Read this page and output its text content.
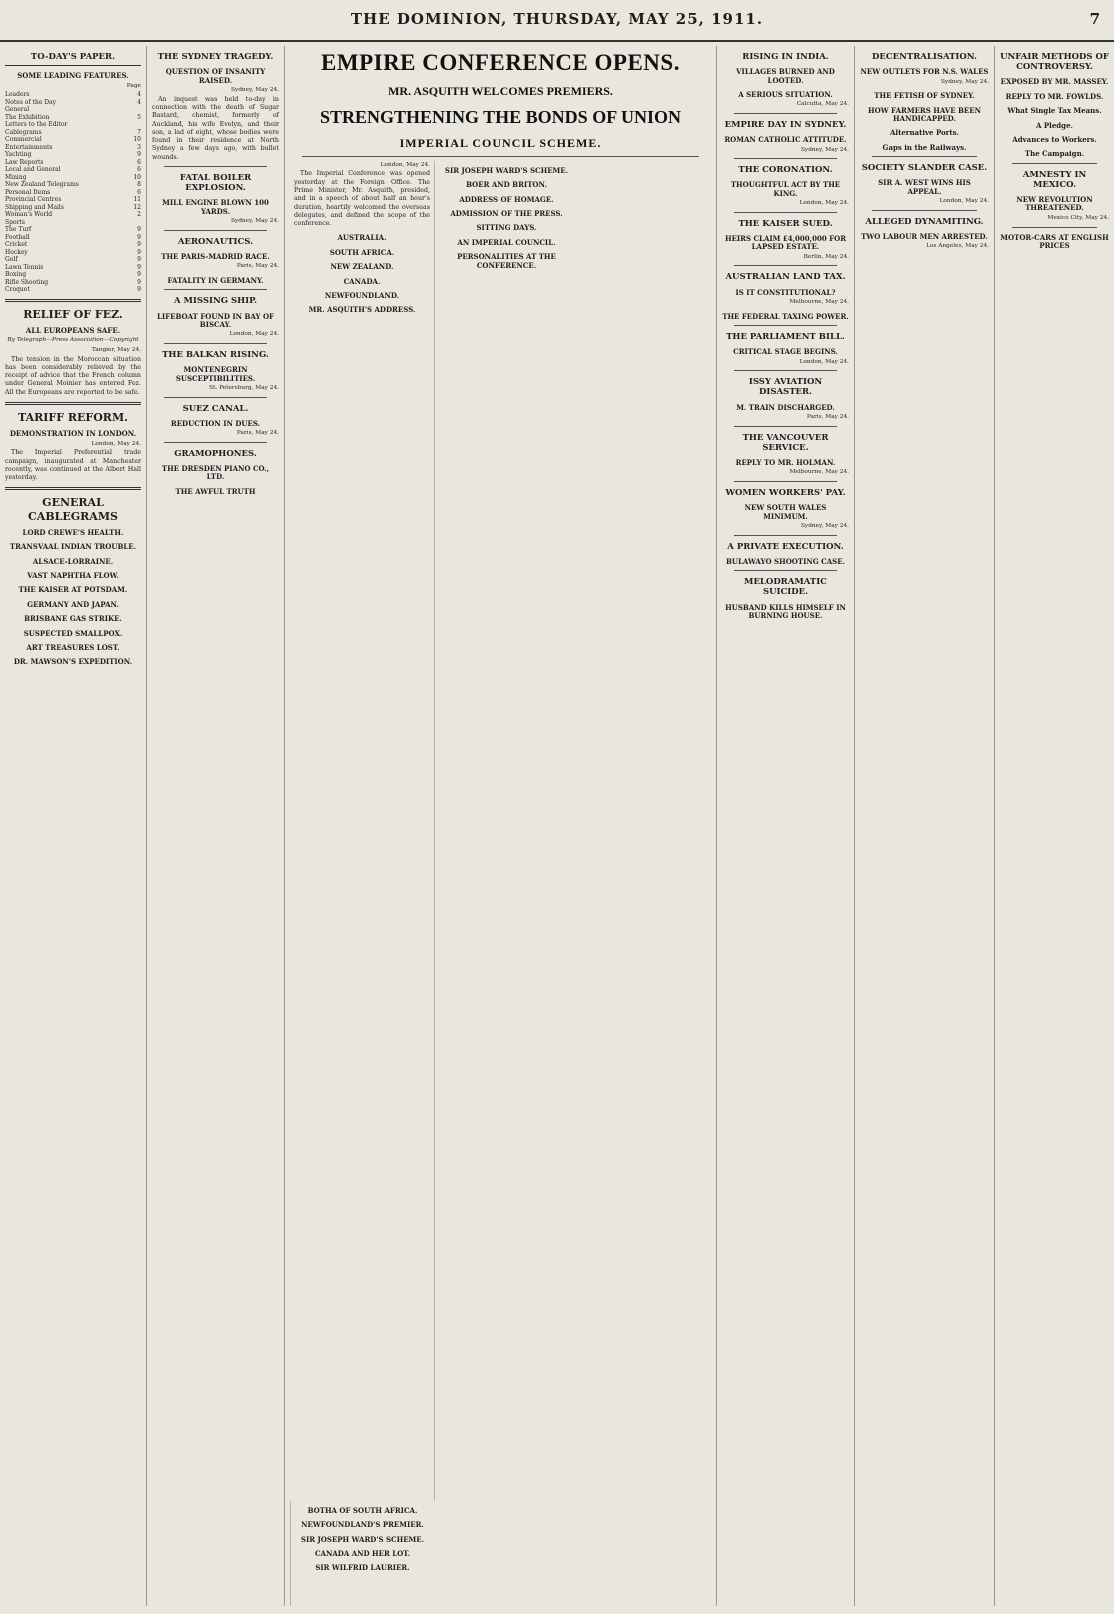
THE DOMINION, THURSDAY, MAY 25, 1911.	7
TO-DAY'S PAPER.
SOME LEADING FEATURES.
Page
Leaders	4
Notes of the Day	4
General
The Exhibition	5
Letters to the Editor
Cablegrams	7
Commercial	10
Entertainments	3
Yachting	9
Law Reports	6
Local and General	6
Mining	10
New Zealand Telegrams	8
Personal Items	6
Provincial Centres	11
Shipping and Mails	12
Woman's World	2
Sports
The Turf	9
Football	9
Cricket	9
Hockey	9
Golf	9
Lawn Tennis	9
Boxing	9
Rifle Shooting	9
Croquet	9
RELIEF OF FEZ.
ALL EUROPEANS SAFE.
By Telegraph—Press Association—Copyright
Tangier, May 24.

The tension in the Moroccan situation has been considerably relieved by the receipt of advice that the French column under General Moinier has entered Fez. All the Europeans are reported to be safe.

TARIFF REFORM.
DEMONSTRATION IN LONDON.
London, May 24.

The Imperial Preferential trade campaign, inaugurated at Manchester recently, was continued at the Albert Hall yesterday.

GENERAL CABLEGRAMS
LORD CREWE'S HEALTH.
TRANSVAAL INDIAN TROUBLE.
ALSACE-LORRAINE.
VAST NAPHTHA FLOW.
THE KAISER AT POTSDAM.
GERMANY AND JAPAN.
BRISBANE GAS STRIKE.
SUSPECTED SMALLPOX.
ART TREASURES LOST.
DR. MAWSON'S EXPEDITION.
THE SYDNEY TRAGEDY.
QUESTION OF INSANITY RAISED.
Sydney, May 24.

An inquest was held to-day in connection with the death of Sugar Bastard, chemist, formerly of Auckland, his wife Evelyn, and their son, a lad of eight, whose bodies were found in their residence at North Sydney a few days ago, with bullet wounds.

FATAL BOILER EXPLOSION.
MILL ENGINE BLOWN 100 YARDS.
Sydney, May 24.
AERONAUTICS.
THE PARIS-MADRID RACE.
Paris, May 24.
FATALITY IN GERMANY.
A MISSING SHIP.
LIFEBOAT FOUND IN BAY OF BISCAY.
London, May 24.
THE BALKAN RISING.
MONTENEGRIN SUSCEPTIBILITIES.
St. Petersburg, May 24.
SUEZ CANAL.
REDUCTION IN DUES.
Paris, May 24.
GRAMOPHONES.
THE DRESDEN PIANO CO., LTD.
THE AWFUL TRUTH
EMPIRE CONFERENCE OPENS.
MR. ASQUITH WELCOMES PREMIERS.
STRENGTHENING THE BONDS OF UNION
IMPERIAL COUNCIL SCHEME.
London, May 24.

The Imperial Conference was opened yesterday at the Foreign Office. The Prime Minister, Mr. Asquith, presided, and in a speech of about half an hour's duration, heartily welcomed the overseas delegates, and defined the scope of the conference.

AUSTRALIA.
SOUTH AFRICA.
NEW ZEALAND.
CANADA.
NEWFOUNDLAND.
MR. ASQUITH'S ADDRESS.
SIR JOSEPH WARD'S SCHEME.
BOER AND BRITON.
ADDRESS OF HOMAGE.
ADMISSION OF THE PRESS.
SITTING DAYS.
AN IMPERIAL COUNCIL.
PERSONALITIES AT THE CONFERENCE.
BOTHA OF SOUTH AFRICA.
NEWFOUNDLAND'S PREMIER.
SIR JOSEPH WARD'S SCHEME.
CANADA AND HER LOT.
SIR WILFRID LAURIER.
RISING IN INDIA.
VILLAGES BURNED AND LOOTED.
A SERIOUS SITUATION.
Calcutta, May 24.
EMPIRE DAY IN SYDNEY.
ROMAN CATHOLIC ATTITUDE.
Sydney, May 24.
THE CORONATION.
THOUGHTFUL ACT BY THE KING.
London, May 24.
THE KAISER SUED.
HEIRS CLAIM £4,000,000 FOR LAPSED ESTATE.
Berlin, May 24.
AUSTRALIAN LAND TAX.
IS IT CONSTITUTIONAL?
Melbourne, May 24.
THE FEDERAL TAXING POWER.
THE PARLIAMENT BILL.
CRITICAL STAGE BEGINS.
London, May 24.
ISSY AVIATION DISASTER.
M. TRAIN DISCHARGED.
Paris, May 24.
THE VANCOUVER SERVICE.
REPLY TO MR. HOLMAN.
Melbourne, May 24.
WOMEN WORKERS' PAY.
NEW SOUTH WALES MINIMUM.
Sydney, May 24.
A PRIVATE EXECUTION.
BULAWAYO SHOOTING CASE.
MELODRAMATIC SUICIDE.
HUSBAND KILLS HIMSELF IN BURNING HOUSE.
DECENTRALISATION.
NEW OUTLETS FOR N.S. WALES
Sydney, May 24.
THE FETISH OF SYDNEY.
HOW FARMERS HAVE BEEN HANDICAPPED.
Alternative Ports.
Gaps in the Railways.
SOCIETY SLANDER CASE.
SIR A. WEST WINS HIS APPEAL.
London, May 24.
ALLEGED DYNAMITING.
TWO LABOUR MEN ARRESTED.
Los Angeles, May 24.
UNFAIR METHODS OF CONTROVERSY.
EXPOSED BY MR. MASSEY.
REPLY TO MR. FOWLDS.
What Single Tax Means.
A Pledge.
Advances to Workers.
The Campaign.
AMNESTY IN MEXICO.
NEW REVOLUTION THREATENED.
Mexico City, May 24.
MOTOR-CARS AT ENGLISH PRICES
